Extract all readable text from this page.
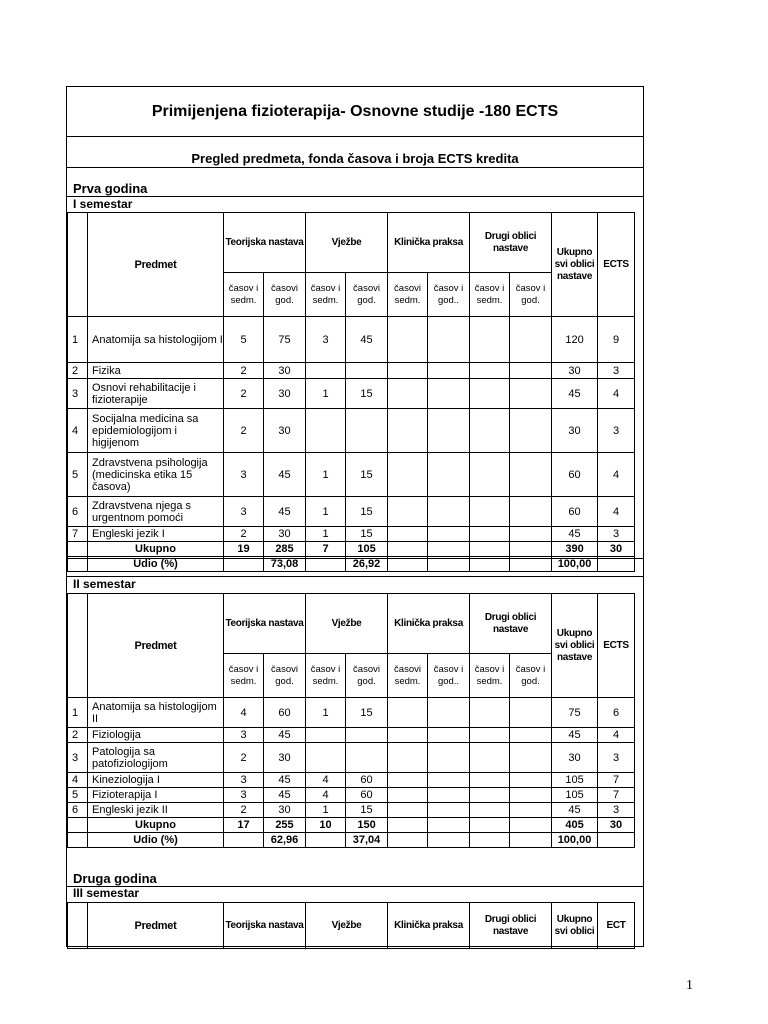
Primijenjena fizioterapija- Osnovne studije -180 ECTS
Pregled predmeta, fonda časova i broja ECTS kredita
Prva godina
I semestar
	Predmet	Teorijska nastava		Vježbe		Klinička praksa		Drugi oblici nastave		Ukupno svi oblici nastave	ECTS
		časov i sedm.	časovi god.	časov i sedm.	časovi god.	časovi sedm.	časov i god..	časov i sedm.	časov i god.		
1	Anatomija sa histologijom I	5	75	3	45					120	9
2	Fizika	2	30							30	3
3	Osnovi rehabilitacije i fizioterapije	2	30	1	15					45	4
4	Socijalna medicina sa epidemiologijom i higijenom	2	30							30	3
5	Zdravstvena psihologija (medicinska etika 15 časova)	3	45	1	15					60	4
6	Zdravstvena njega s urgentnom pomoći	3	45	1	15					60	4
7	Engleski jezik I	2	30	1	15					45	3
	Ukupno	19	285	7	105					390	30
	Udio (%)		73,08		26,92					100,00	
II semestar
	Predmet	Teorijska nastava		Vježbe		Klinička praksa		Drugi oblici nastave		Ukupno svi oblici nastave	ECTS
		časov i sedm.	časovi god.	časov i sedm.	časovi god.	časovi sedm.	časov i god..	časov i sedm.	časov i god.		
1	Anatomija sa histologijom II	4	60	1	15					75	6
2	Fiziologija	3	45							45	4
3	Patologija sa patofiziologijom	2	30							30	3
4	Kineziologija I	3	45	4	60					105	7
5	Fizioterapija I	3	45	4	60					105	7
6	Engleski jezik II	2	30	1	15					45	3
	Ukupno	17	255	10	150					405	30
	Udio (%)		62,96		37,04					100,00	
Druga godina
III semestar
	Predmet	Teorijska nastava	Vježbe	Klinička praksa	Drugi oblici nastave	Ukupno svi oblici	ECT
1
